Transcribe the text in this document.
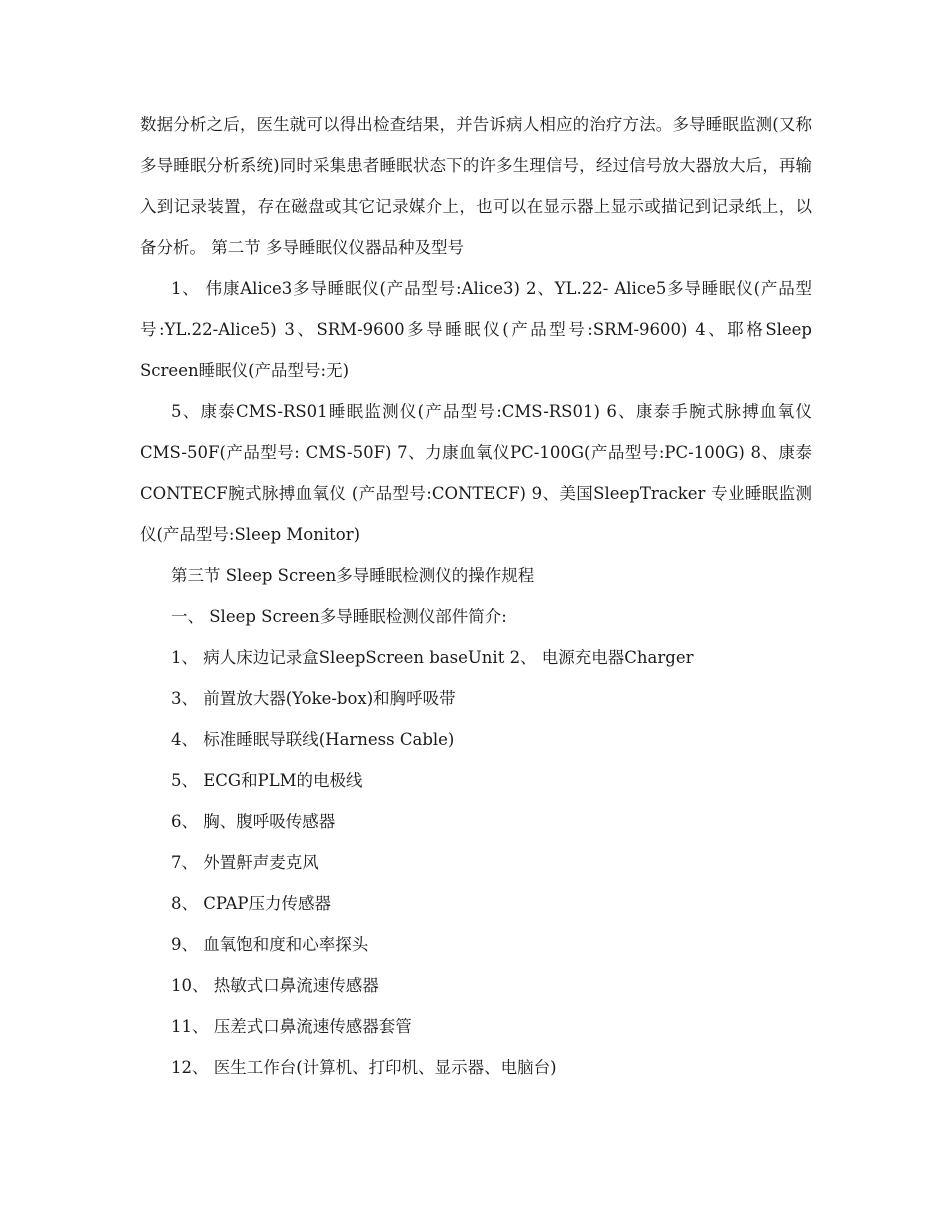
数据分析之后，医生就可以得出检查结果，并告诉病人相应的治疗方法。多导睡眠监测(又称多导睡眠分析系统)同时采集患者睡眠状态下的许多生理信号，经过信号放大器放大后，再输入到记录装置，存在磁盘或其它记录媒介上，也可以在显示器上显示或描记到记录纸上，以备分析。 第二节 多导睡眠仪仪器品种及型号

1、 伟康Alice3多导睡眠仪(产品型号:Alice3) 2、YL.22- Alice5多导睡眠仪(产品型号:YL.22-Alice5) 3、SRM-9600多导睡眠仪(产品型号:SRM-9600) 4、耶格Sleep Screen睡眠仪(产品型号:无)

5、康泰CMS-RS01睡眠监测仪(产品型号:CMS-RS01) 6、康泰手腕式脉搏血氧仪CMS-50F(产品型号: CMS-50F) 7、力康血氧仪PC-100G(产品型号:PC-100G) 8、康泰CONTECF腕式脉搏血氧仪 (产品型号:CONTECF) 9、美国SleepTracker 专业睡眠监测仪(产品型号:Sleep Monitor)

第三节 Sleep Screen多导睡眠检测仪的操作规程

一、 Sleep Screen多导睡眠检测仪部件简介:

1、 病人床边记录盒SleepScreen baseUnit 2、 电源充电器Charger

3、 前置放大器(Yoke-box)和胸呼吸带

4、 标准睡眠导联线(Harness Cable)

5、 ECG和PLM的电极线

6、 胸、腹呼吸传感器

7、 外置鼾声麦克风

8、 CPAP压力传感器

9、 血氧饱和度和心率探头

10、 热敏式口鼻流速传感器

11、 压差式口鼻流速传感器套管

12、 医生工作台(计算机、打印机、显示器、电脑台)
